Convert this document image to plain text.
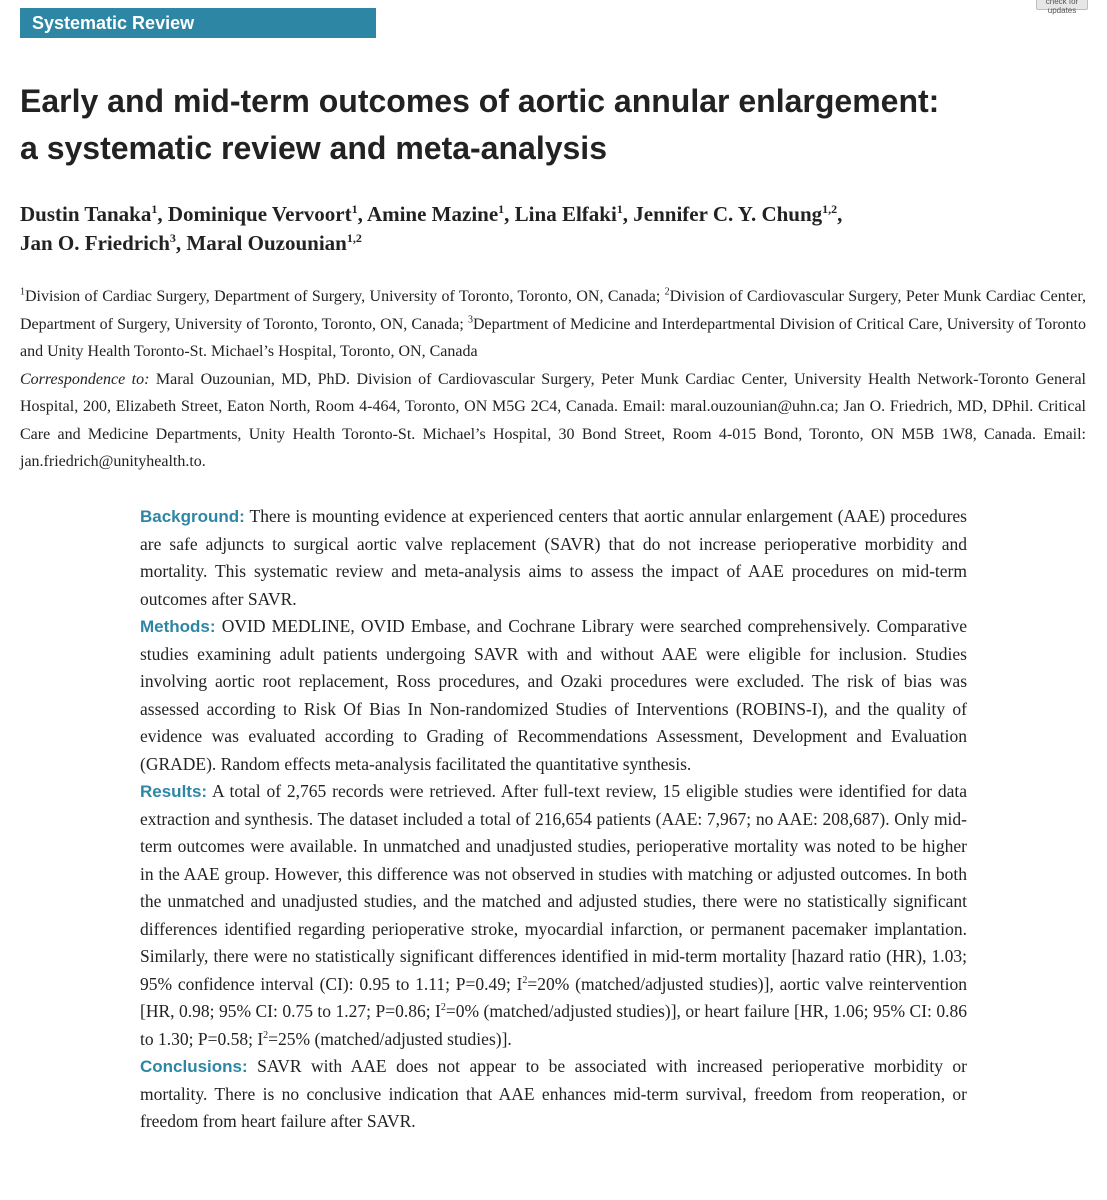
Systematic Review
check for
updates
Early and mid-term outcomes of aortic annular enlargement:
a systematic review and meta-analysis

Dustin Tanaka$^1$, Dominique Vervoort$^1$, Amine Mazine$^1$, Lina Elfaki$^1$, Jennifer C. Y. Chung$^{1,2}$,
Jan O. Friedrich$^3$, Maral Ouzounian$^{1,2}$

$^1$Division of Cardiac Surgery, Department of Surgery, University of Toronto, Toronto, ON, Canada; $^2$Division of Cardiovascular Surgery, Peter Munk Cardiac Center, Department of Surgery, University of Toronto, Toronto, ON, Canada; $^3$Department of Medicine and Interdepartmental Division of Critical Care, University of Toronto and Unity Health Toronto-St. Michael’s Hospital, Toronto, ON, Canada
Correspondence to: Maral Ouzounian, MD, PhD. Division of Cardiovascular Surgery, Peter Munk Cardiac Center, University Health Network-Toronto General Hospital, 200, Elizabeth Street, Eaton North, Room 4-464, Toronto, ON M5G 2C4, Canada. Email: maral.ouzounian@uhn.ca; Jan O. Friedrich, MD, DPhil. Critical Care and Medicine Departments, Unity Health Toronto-St. Michael’s Hospital, 30 Bond Street, Room 4-015 Bond, Toronto, ON M5B 1W8, Canada. Email: jan.friedrich@unityhealth.to.

Background: There is mounting evidence at experienced centers that aortic annular enlargement (AAE) procedures are safe adjuncts to surgical aortic valve replacement (SAVR) that do not increase perioperative morbidity and mortality. This systematic review and meta-analysis aims to assess the impact of AAE procedures on mid-term outcomes after SAVR.

Methods: OVID MEDLINE, OVID Embase, and Cochrane Library were searched comprehensively. Comparative studies examining adult patients undergoing SAVR with and without AAE were eligible for inclusion. Studies involving aortic root replacement, Ross procedures, and Ozaki procedures were excluded. The risk of bias was assessed according to Risk Of Bias In Non-randomized Studies of Interventions (ROBINS-I), and the quality of evidence was evaluated according to Grading of Recommendations Assessment, Development and Evaluation (GRADE). Random effects meta-analysis facilitated the quantitative synthesis.

Results: A total of 2,765 records were retrieved. After full-text review, 15 eligible studies were identified for data extraction and synthesis. The dataset included a total of 216,654 patients (AAE: 7,967; no AAE: 208,687). Only mid-term outcomes were available. In unmatched and unadjusted studies, perioperative mortality was noted to be higher in the AAE group. However, this difference was not observed in studies with matching or adjusted outcomes. In both the unmatched and unadjusted studies, and the matched and adjusted studies, there were no statistically significant differences identified regarding perioperative stroke, myocardial infarction, or permanent pacemaker implantation. Similarly, there were no statistically significant differences identified in mid-term mortality [hazard ratio (HR), 1.03; 95% confidence interval (CI): 0.95 to 1.11; P=0.49; $I^2=20\%$ (matched/adjusted studies)], aortic valve reintervention [HR, 0.98; 95% CI: 0.75 to 1.27; P=0.86; $I^2=0\%$ (matched/adjusted studies)], or heart failure [HR, 1.06; 95% CI: 0.86 to 1.30; P=0.58; $I^2=25\%$ (matched/adjusted studies)].

Conclusions: SAVR with AAE does not appear to be associated with increased perioperative morbidity or mortality. There is no conclusive indication that AAE enhances mid-term survival, freedom from reoperation, or freedom from heart failure after SAVR.
